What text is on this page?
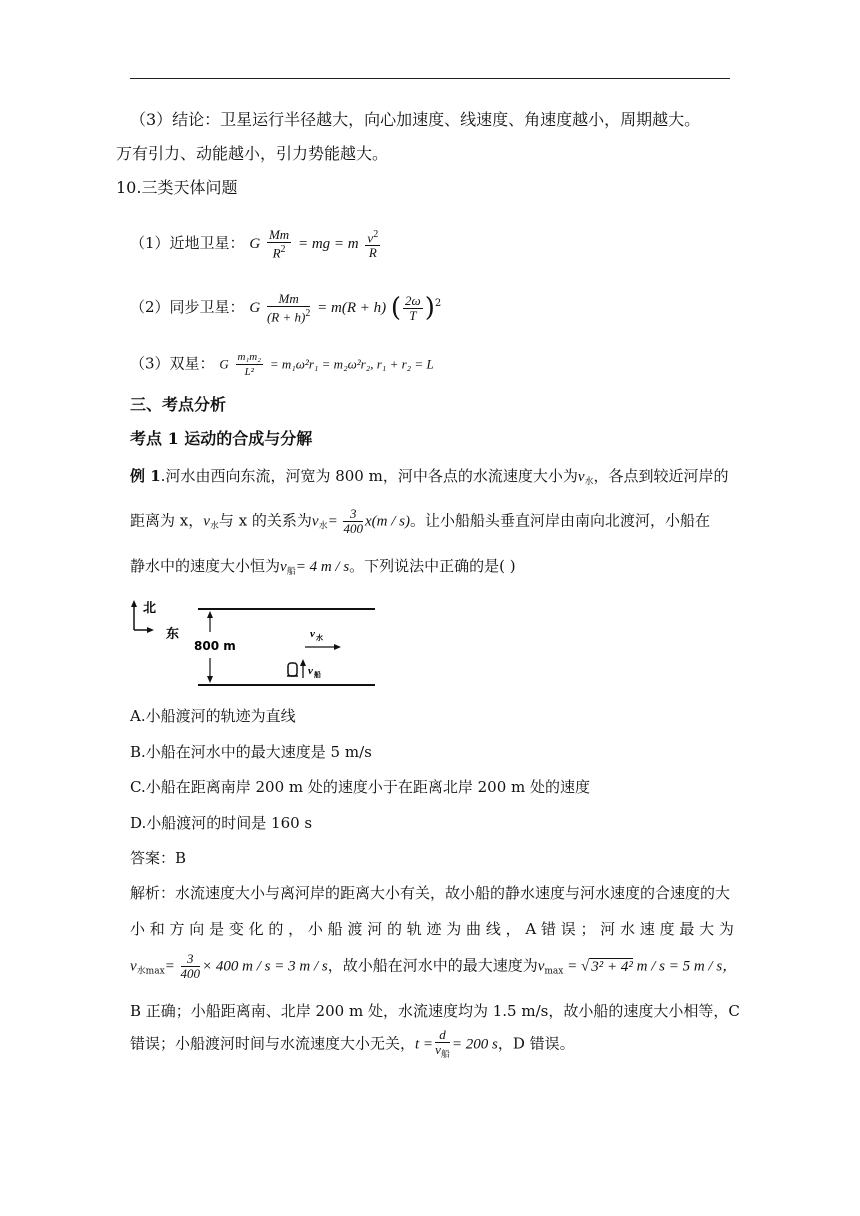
（3）结论：卫星运行半径越大，向心加速度、线速度、角速度越小，周期越大。
万有引力、动能越小，引力势能越大。
10.三类天体问题
（1）近地卫星： G $\frac{Mm}{R^2}$ = mg = m $\frac{v^2}{R}$
（2）同步卫星： G $\frac{Mm}{(R + h)^2} = m(R + h)$ ( $\frac{2\omega}{T} )^2$
（3）双星： G $\frac{\text{m₁m₂}}{\text{L²}} = m_1\omega^2r_1 = m_2\omega^2r_2$, r₁ + r₂ = L
三、考点分析
考点 1 运动的合成与分解
例 1.河水由西向东流，河宽为 800 m，河中各点的水流速度大小为$v_水$，各点到较近河岸的
距离为 x，$v_水$与 x 的关系为$v_水= \frac{3}{400} x(m / s)$。让小船船头垂直河岸由南向北渡河，小船在
静水中的速度大小恒为$v_船= 4$ m / s。下列说法中正确的是( )
北
东
800 m
v 水
v 船
A.小船渡河的轨迹为直线
B.小船在河水中的最大速度是 5 m/s
C.小船在距离南岸 200 m 处的速度小于在距离北岸 200 m 处的速度
D.小船渡河的时间是 160 s
答案：B
解析：水流速度大小与离河岸的距离大小有关，故小船的静水速度与河水速度的合速度的大
小 和 方 向 是 变 化 的 ， 小 船 渡 河 的 轨 迹 为 曲 线 ， A 错 误 ； 河 水 速 度 最 大 为
$v_{水max}= \frac{3}{400} \times 400$ m / s = 3 m / s，故小船在河水中的最大速度为$v_{max}$ = √ 3² + 4² m / s = 5 m / s，
B 正确；小船距离南、北岸 200 m 处，水流速度均为 1.5 m/s，故小船的速度大小相等，C
错误；小船渡河时间与水流速度大小无关，$t = \frac{d}{v_船} = 200$ s，D 错误。
